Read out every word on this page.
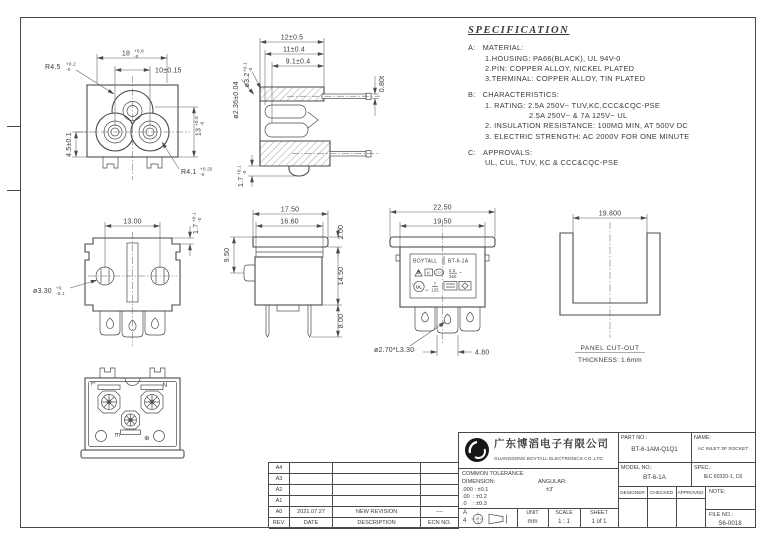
18 +0.8
-0
10±0.15
R4.5 +0.2
-0
13
+0.8 -0
4.5±0.1
R4.1 +0.25
-0
12±0.5
11±0.4
9.1±0.4
ø3.2
+0.1 -0
ø2.36±0.04	0.80t
1.7
+0.1 -0
SPECIFICATION
A: MATERIAL:
1.HOUSING: PA66(BLACK), UL 94V-0
2.PIN: COPPER ALLOY, NICKEL PLATED
3.TERMINAL: COPPER ALLOY, TIN PLATED
B: CHARACTERISTICS:
1. RATING: 2.5A 250V~ TUV,KC,CCC&CQC-PSE
2.5A 250V~ & 7A 125V~ UL
2. INSULATION RESISTANCE: 100MΩ MIN, AT 500V DC
3. ELECTRIC STRENGTH: AC 2000V FOR ONE MINUTE
C: APPROVALS:
UL, CUL, TUV, KC & CCC&CQC-PSE
13.00
1.7
+0.1 -0
ø3.30 +0
-0.1
17.50
16.60
2.00
14.50
8.00
9.50	BOYTALL BT-6-1A
K CCC 2.5
250
~
UL
c
us
7
125
22.50
19.50
ø2.70*L3.30	4.80
19.800
PANEL CUT-OUT
THICKNESS: 1.6mm
N
L
E	⊕
A4
A3
A2
A1
A0	2021.07.27	NEW REVISION	----
REV.	DATE	DESCRIPTION	ECN NO.
广东博滔电子有限公司
GUANGDONG BOYTALL ELECTRONICS CO.,LTD
COMMON TOLERANCE
DIMENSION:	ANGULAR:
.000 : ±0.1	±3'
.00  : ±0.2
.0    : ±0.3
A
4
UNIT
mm
SCALE
1 : 1
SHEET
1 of 1
PART NO.:
BT-6-1AM-Q1Q1
NAME:
AC INLET 3P SOCKET
MODEL NO.:
BT-6-1A
SPEC.:
IEC 60320-1, C6
DESIGNER	CHECKED APPROVED NOTE:
FILE NO.:
S6-0018
